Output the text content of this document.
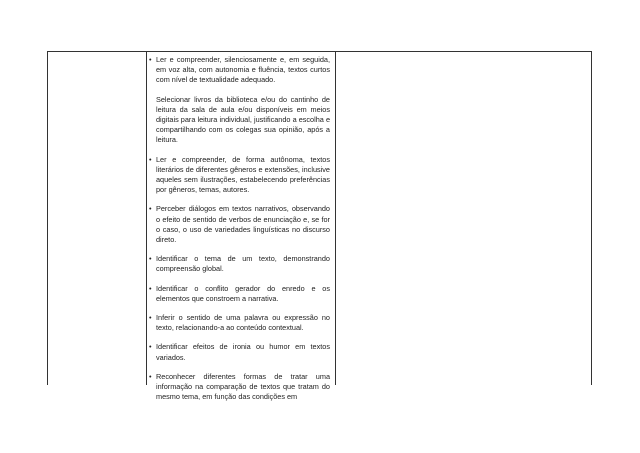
• Ler e compreender, silenciosamente e, em seguida, em voz alta, com autonomia e fluência, textos curtos com nível de textualidade adequado.

Selecionar livros da biblioteca e/ou do cantinho de leitura da sala de aula e/ou disponíveis em meios digitais para leitura individual, justificando a escolha e compartilhando com os colegas sua opinião, após a leitura.

• Ler e compreender, de forma autônoma, textos literários de diferentes gêneros e extensões, inclusive aqueles sem ilustrações, estabelecendo preferências por gêneros, temas, autores.

• Perceber diálogos em textos narrativos, observando o efeito de sentido de verbos de enunciação e, se for o caso, o uso de variedades linguísticas no discurso direto.

• Identificar o tema de um texto, demonstrando compreensão global.

• Identificar o conflito gerador do enredo e os elementos que constroem a narrativa.

• Inferir o sentido de uma palavra ou expressão no texto, relacionando-a ao conteúdo contextual.

• Identificar efeitos de ironia ou humor em textos variados.

• Reconhecer diferentes formas de tratar uma informação na comparação de textos que tratam do mesmo tema, em função das condições em
